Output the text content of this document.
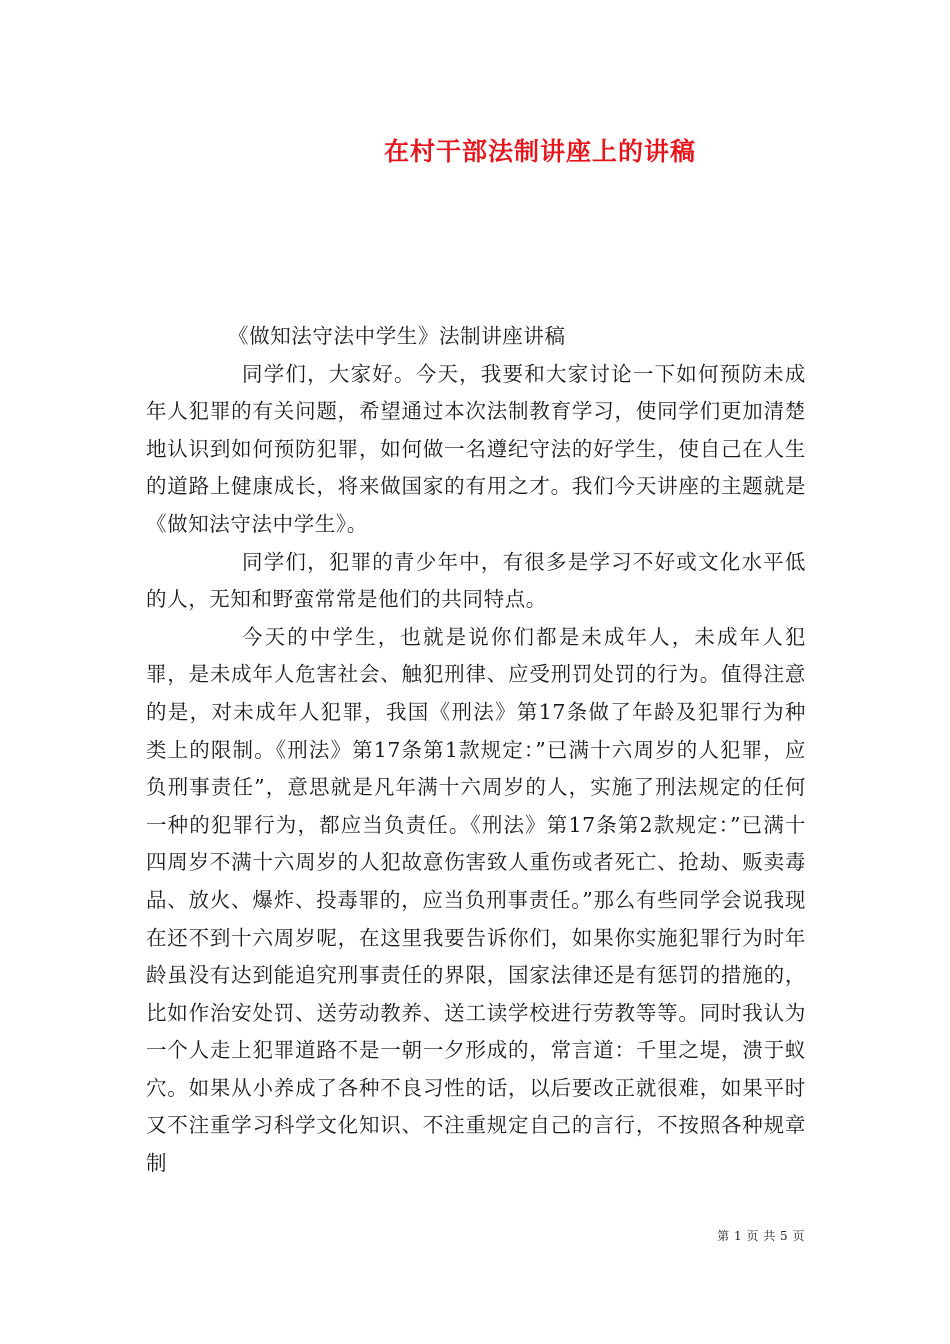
在村干部法制讲座上的讲稿

《做知法守法中学生》法制讲座讲稿

同学们，大家好。今天，我要和大家讨论一下如何预防未成年人犯罪的有关问题，希望通过本次法制教育学习，使同学们更加清楚地认识到如何预防犯罪，如何做一名遵纪守法的好学生，使自己在人生的道路上健康成长，将来做国家的有用之才。我们今天讲座的主题就是《做知法守法中学生》。

同学们，犯罪的青少年中，有很多是学习不好或文化水平低的人，无知和野蛮常常是他们的共同特点。

今天的中学生，也就是说你们都是未成年人，未成年人犯罪，是未成年人危害社会、触犯刑律、应受刑罚处罚的行为。值得注意的是，对未成年人犯罪，我国《刑法》第17条做了年龄及犯罪行为种类上的限制。《刑法》第17条第1款规定：”已满十六周岁的人犯罪，应负刑事责任”，意思就是凡年满十六周岁的人，实施了刑法规定的任何一种的犯罪行为，都应当负责任。《刑法》第17条第2款规定：”已满十四周岁不满十六周岁的人犯故意伤害致人重伤或者死亡、抢劫、贩卖毒品、放火、爆炸、投毒罪的，应当负刑事责任。”那么有些同学会说我现在还不到十六周岁呢，在这里我要告诉你们，如果你实施犯罪行为时年龄虽没有达到能追究刑事责任的界限，国家法律还是有惩罚的措施的，比如作治安处罚、送劳动教养、送工读学校进行劳教等等。同时我认为一个人走上犯罪道路不是一朝一夕形成的，常言道：千里之堤，溃于蚁穴。如果从小养成了各种不良习性的话，以后要改正就很难，如果平时又不注重学习科学文化知识、不注重规定自己的言行，不按照各种规章制

第 1 页 共 5 页
